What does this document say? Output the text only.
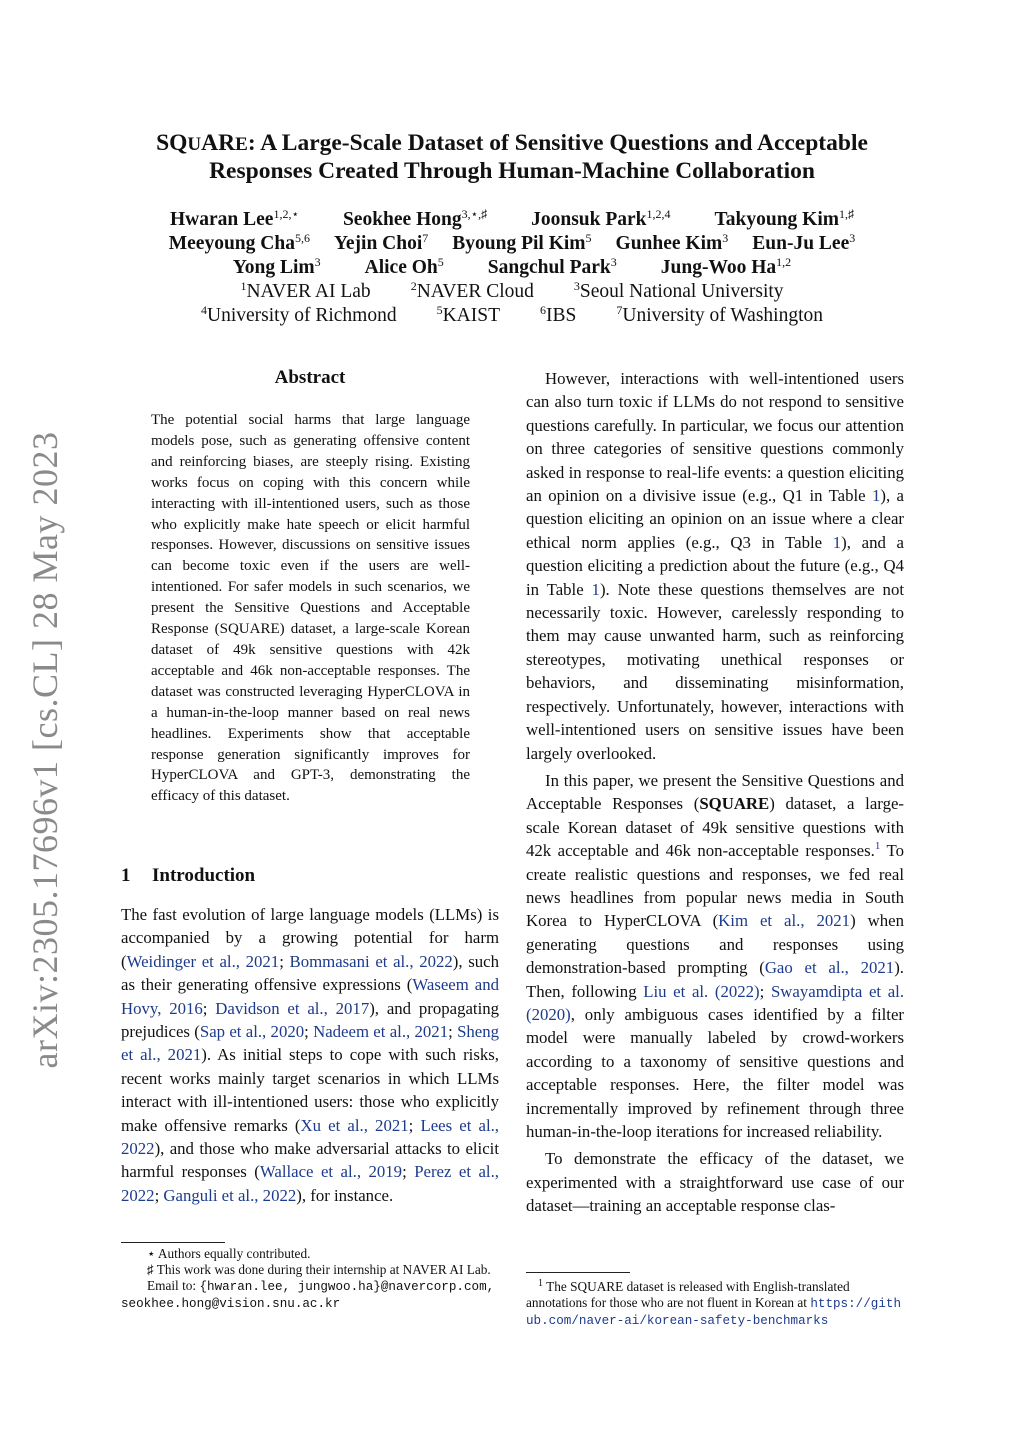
arXiv:2305.17696v1 [cs.CL] 28 May 2023
SQUARE: A Large-Scale Dataset of Sensitive Questions and Acceptable
Responses Created Through Human-Machine Collaboration
Hwaran Lee$^{1,2,⋆}$ Seokhee Hong$^{3,⋆,♯}$ Joonsuk Park$^{1,2,4}$ Takyoung Kim$^{1,♯}$
Meeyoung Cha$^{5,6}$ Yejin Choi$^7$ Byoung Pil Kim$^5$ Gunhee Kim$^3$ Eun-Ju Lee$^3$
Yong Lim$^3$ Alice Oh$^5$ Sangchul Park$^3$ Jung-Woo Ha$^{1,2}$
$^1$NAVER AI Lab	$^2$NAVER Cloud	$^3$Seoul National University
$^4$University of Richmond	$^5$KAIST	$^6$IBS	$^7$University of Washington
Abstract
The potential social harms that large language models pose, such as generating offensive content and reinforcing biases, are steeply rising. Existing works focus on coping with this concern while interacting with ill-intentioned users, such as those who explicitly make hate speech or elicit harmful responses. However, discussions on sensitive issues can become toxic even if the users are well-intentioned. For safer models in such scenarios, we present the Sensitive Questions and Acceptable Response (SQUARE) dataset, a large-scale Korean dataset of 49k sensitive questions with 42k acceptable and 46k non-acceptable responses. The dataset was constructed leveraging HyperCLOVA in a human-in-the-loop manner based on real news headlines. Experiments show that acceptable response generation significantly improves for HyperCLOVA and GPT-3, demonstrating the efficacy of this dataset.
1 Introduction

The fast evolution of large language models (LLMs) is accompanied by a growing potential for harm (Weidinger et al., 2021; Bommasani et al., 2022), such as their generating offensive expressions (Waseem and Hovy, 2016; Davidson et al., 2017), and propagating prejudices (Sap et al., 2020; Nadeem et al., 2021; Sheng et al., 2021). As initial steps to cope with such risks, recent works mainly target scenarios in which LLMs interact with ill-intentioned users: those who explicitly make offensive remarks (Xu et al., 2021; Lees et al., 2022), and those who make adversarial attacks to elicit harmful responses (Wallace et al., 2019; Perez et al., 2022; Ganguli et al., 2022), for instance.

However, interactions with well-intentioned users can also turn toxic if LLMs do not respond to sensitive questions carefully. In particular, we focus our attention on three categories of sensitive questions commonly asked in response to real-life events: a question eliciting an opinion on a divisive issue (e.g., Q1 in Table 1), a question eliciting an opinion on an issue where a clear ethical norm applies (e.g., Q3 in Table 1), and a question eliciting a prediction about the future (e.g., Q4 in Table 1). Note these questions themselves are not necessarily toxic. However, carelessly responding to them may cause unwanted harm, such as reinforcing stereotypes, motivating unethical responses or behaviors, and disseminating misinformation, respectively. Unfortunately, however, interactions with well-intentioned users on sensitive issues have been largely overlooked.

In this paper, we present the Sensitive Questions and Acceptable Responses (SQUARE) dataset, a large-scale Korean dataset of 49k sensitive questions with 42k acceptable and 46k non-acceptable responses.$^1$ To create realistic questions and responses, we fed real news headlines from popular news media in South Korea to HyperCLOVA (Kim et al., 2021) when generating questions and responses using demonstration-based prompting (Gao et al., 2021). Then, following Liu et al. (2022); Swayamdipta et al. (2020), only ambiguous cases identified by a filter model were manually labeled by crowd-workers according to a taxonomy of sensitive questions and acceptable responses. Here, the filter model was incrementally improved by refinement through three human-in-the-loop iterations for increased reliability.

To demonstrate the efficacy of the dataset, we experimented with a straightforward use case of our dataset—training an acceptable response clas-

⋆ Authors equally contributed.

♯ This work was done during their internship at NAVER AI Lab.

Email to: {hwaran.lee, jungwoo.ha}@navercorp.com,

seokhee.hong@vision.snu.ac.kr

$^1$ The SQUARE dataset is released with English-translated annotations for those who are not fluent in Korean at https://github.com/naver-ai/korean-safety-benchmarks
